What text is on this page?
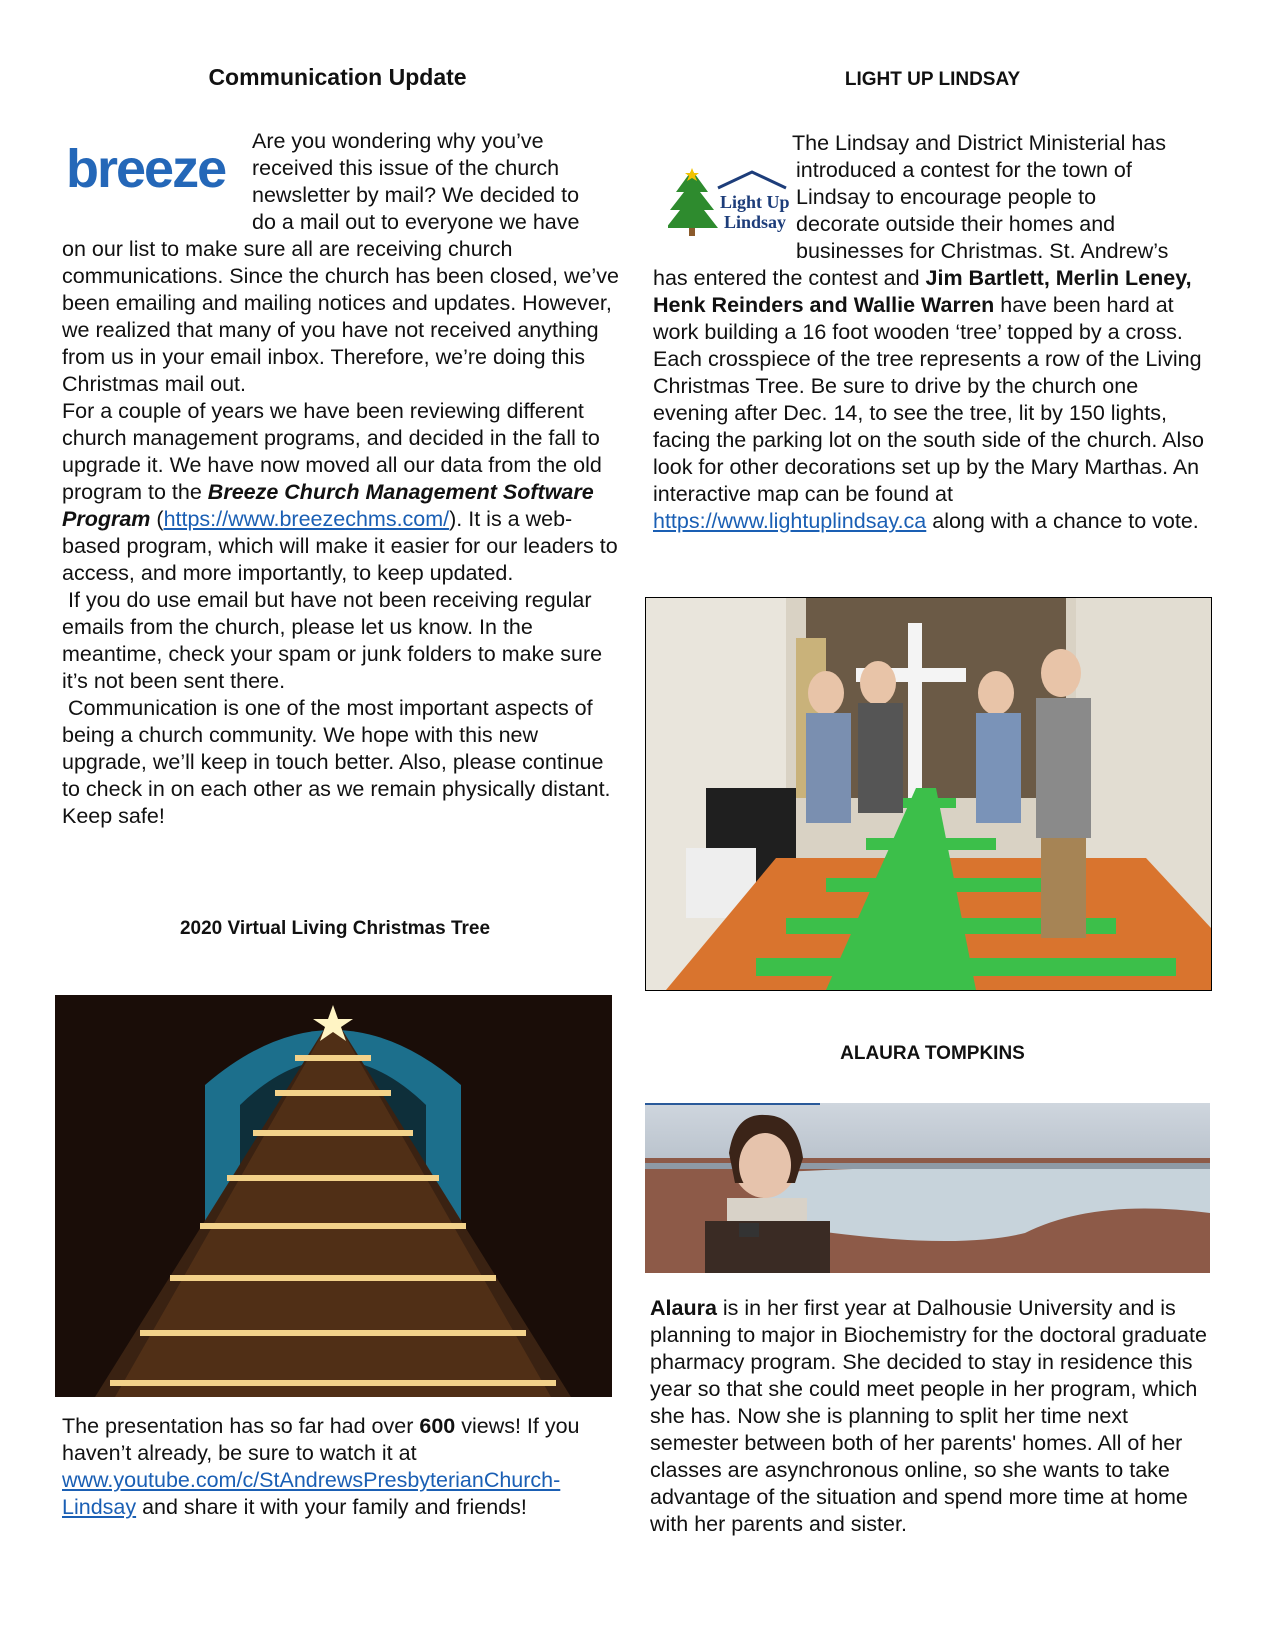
Communication Update
breeze Are you wondering why you’ve
received this issue of the church
newsletter by mail? We decided to
do a mail out to everyone we have

on our list to make sure all are receiving church communications. Since the church has been closed, we’ve been emailing and mailing notices and updates. However, we realized that many of you have not received anything from us in your email inbox. Therefore, we’re doing this Christmas mail out.

For a couple of years we have been reviewing different church management programs, and decided in the fall to upgrade it. We have now moved all our data from the old program to the Breeze Church Management Software Program (https://www.breezechms.com/). It is a web-based program, which will make it easier for our leaders to access, and more importantly, to keep updated.

If you do use email but have not been receiving regular emails from the church, please let us know. In the meantime, check your spam or junk folders to make sure it’s not been sent there.

Communication is one of the most important aspects of being a church community. We hope with this new upgrade, we’ll keep in touch better. Also, please continue to check in on each other as we remain physically distant. Keep safe!

LIGHT UP LINDSAY
Light Up
Lindsay
The Lindsay and District Ministerial has
introduced a contest for the town of
Lindsay to encourage people to
decorate outside their homes and
businesses for Christmas. St. Andrew’s

has entered the contest and Jim Bartlett, Merlin Leney, Henk Reinders and Wallie Warren have been hard at work building a 16 foot wooden ‘tree’ topped by a cross. Each crosspiece of the tree represents a row of the Living Christmas Tree. Be sure to drive by the church one evening after Dec. 14, to see the tree, lit by 150 lights, facing the parking lot on the south side of the church. Also look for other decorations set up by the Mary Marthas. An interactive map can be found at https://www.lightuplindsay.ca along with a chance to vote.

2020 Virtual Living Christmas Tree

The presentation has so far had over 600 views! If you haven’t already, be sure to watch it at www.youtube.com/c/StAndrewsPresbyterianChurch-Lindsay and share it with your family and friends!

ALAURA TOMPKINS

Alaura is in her first year at Dalhousie University and is planning to major in Biochemistry for the doctoral graduate pharmacy program. She decided to stay in residence this year so that she could meet people in her program, which she has. Now she is planning to split her time next semester between both of her parents' homes. All of her classes are asynchronous online, so she wants to take advantage of the situation and spend more time at home with her parents and sister.
